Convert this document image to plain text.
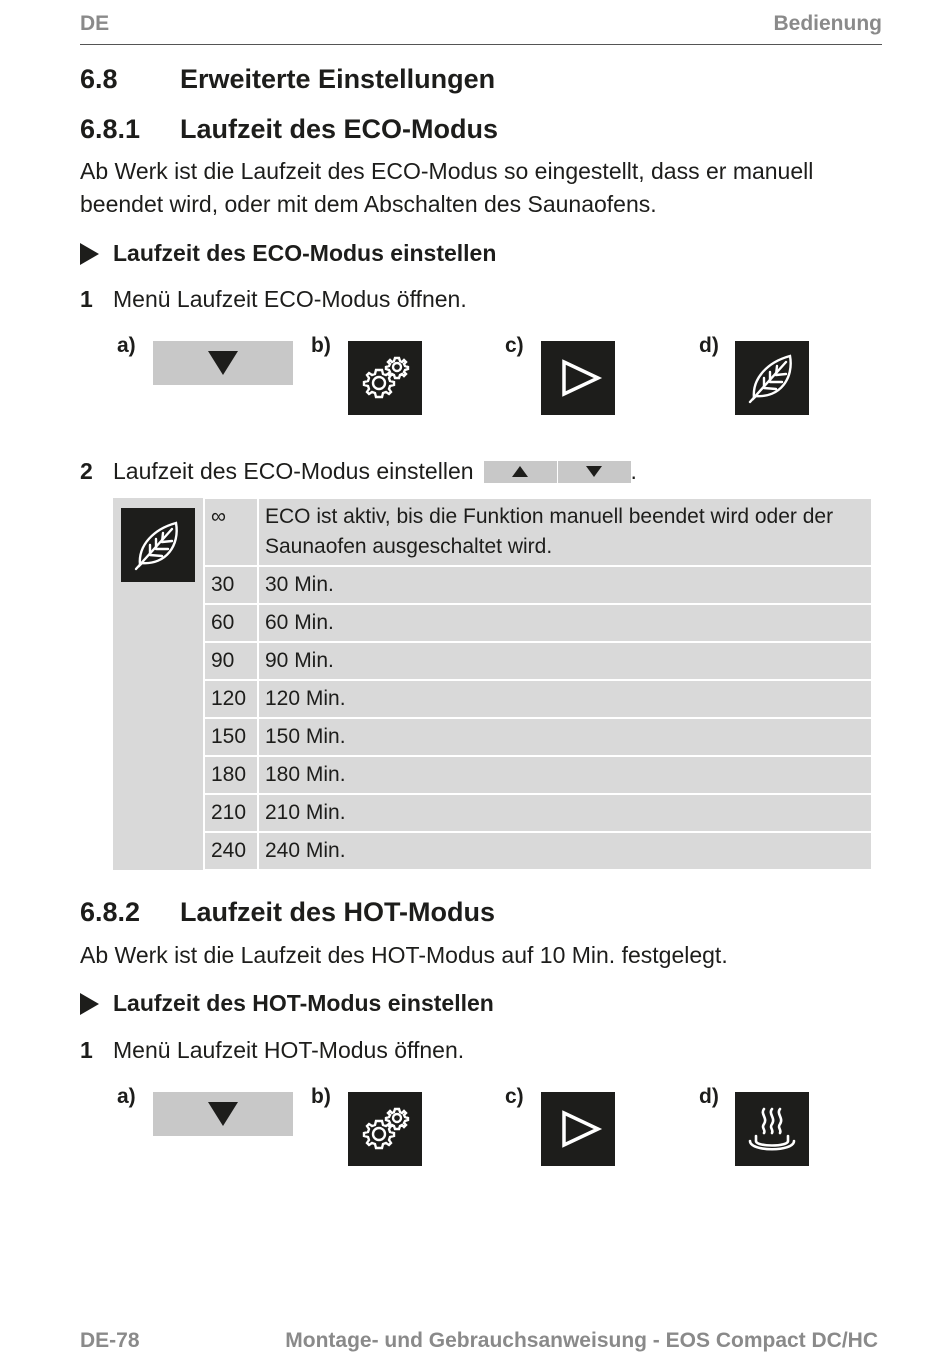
DE	Bedienung
6.8 Erweiterte Einstellungen
6.8.1 Laufzeit des ECO-Modus
Ab Werk ist die Laufzeit des ECO-Modus so eingestellt, dass er manuell beendet wird, oder mit dem Abschalten des Saunaofens.
Laufzeit des ECO-Modus einstellen
1 Menü Laufzeit ECO-Modus öffnen.
a)	b)	c)	d)
2 Laufzeit des ECO-Modus einstellen	.
	∞	ECO ist aktiv, bis die Funktion manuell beendet wird oder der Saunaofen ausgeschaltet wird.
	30	30 Min.
	60	60 Min.
	90	90 Min.
	120	120 Min.
	150	150 Min.
	180	180 Min.
	210	210 Min.
	240	240 Min.
6.8.2 Laufzeit des HOT-Modus
Ab Werk ist die Laufzeit des HOT-Modus auf 10 Min. festgelegt.
Laufzeit des HOT-Modus einstellen
1 Menü Laufzeit HOT-Modus öffnen.
a)	b)	c)	d)
DE-78	Montage- und Gebrauchsanweisung - EOS Compact DC/HC
